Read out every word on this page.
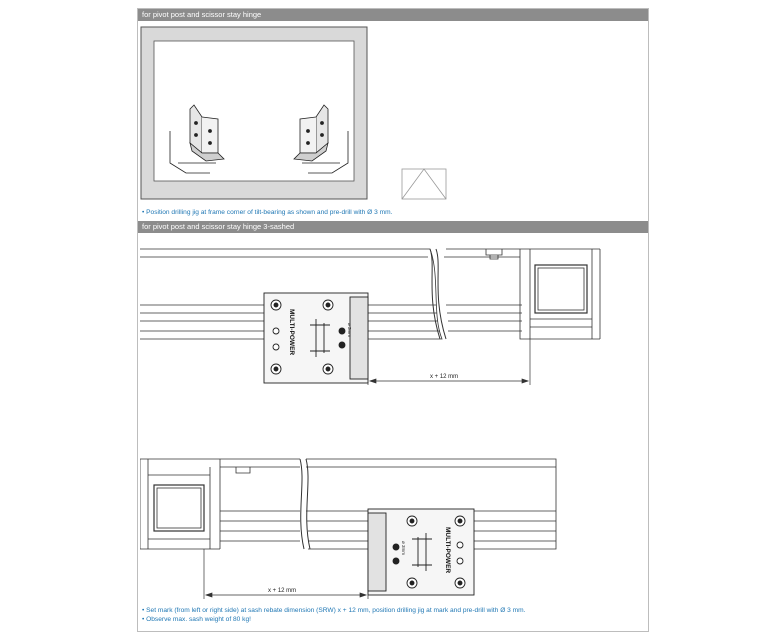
for pivot post and scissor stay hinge
• Position drilling jig at frame corner of tilt-bearing as shown and pre-drill with Ø 3 mm.
for pivot post and scissor stay hinge 3-sashed
MULTI-POWER	ø 3mm
x + 12 mm
MULTI-POWER
ø 3mm
x + 12 mm
• Set mark (from left or right side) at sash rebate dimension (SRW) x + 12 mm, position drilling jig at mark and pre-drill with Ø 3 mm.
• Observe max. sash weight of 80 kg!
